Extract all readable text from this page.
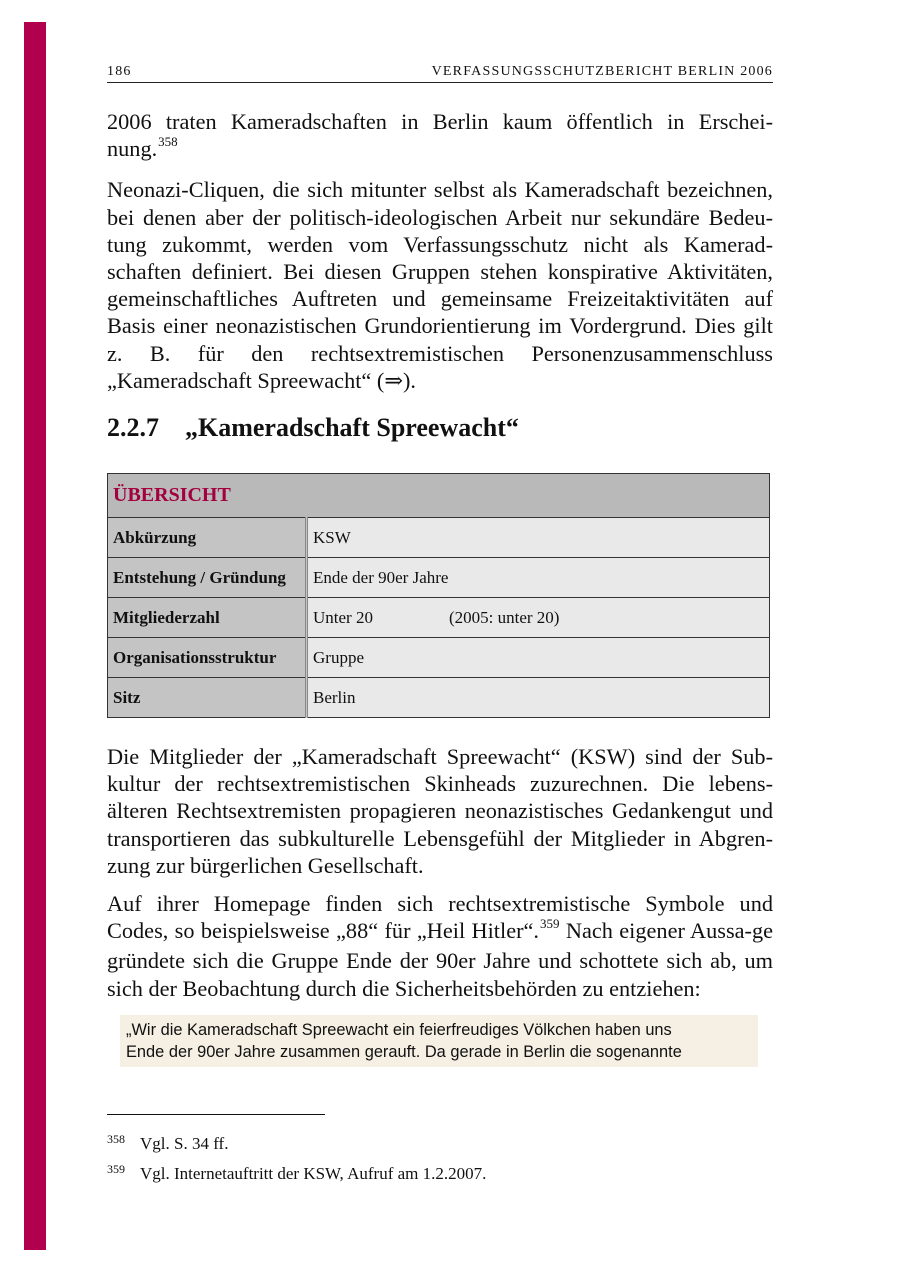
186	VERFASSUNGSSCHUTZBERICHT BERLIN 2006

2006 traten Kameradschaften in Berlin kaum öffentlich in Erschei-nung.$^{358}$

Neonazi-Cliquen, die sich mitunter selbst als Kameradschaft bezeichnen, bei denen aber der politisch-ideologischen Arbeit nur sekundäre Bedeu-tung zukommt, werden vom Verfassungsschutz nicht als Kamerad-schaften definiert. Bei diesen Gruppen stehen konspirative Aktivitäten, gemeinschaftliches Auftreten und gemeinsame Freizeitaktivitäten auf Basis einer neonazistischen Grundorientierung im Vordergrund. Dies gilt z. B. für den rechtsextremistischen Personenzusammenschluss „Kameradschaft Spreewacht“ (⇒).

2.2.7 „Kameradschaft Spreewacht“
ÜBERSICHT	
Abkürzung	KSW
Entstehung / Gründung	Ende der 90er Jahre
Mitgliederzahl	Unter 20 (2005: unter 20)
Organisationsstruktur	Gruppe
Sitz	Berlin

Die Mitglieder der „Kameradschaft Spreewacht“ (KSW) sind der Sub-kultur der rechtsextremistischen Skinheads zuzurechnen. Die lebens-älteren Rechtsextremisten propagieren neonazistisches Gedankengut und transportieren das subkulturelle Lebensgefühl der Mitglieder in Abgren-zung zur bürgerlichen Gesellschaft.

Auf ihrer Homepage finden sich rechtsextremistische Symbole und Codes, so beispielsweise „88“ für „Heil Hitler“.$^{359}$ Nach eigener Aussa-ge gründete sich die Gruppe Ende der 90er Jahre und schottete sich ab, um sich der Beobachtung durch die Sicherheitsbehörden zu entziehen:

„Wir die Kameradschaft Spreewacht ein feierfreudiges Völkchen haben uns
Ende der 90er Jahre zusammen gerauft. Da gerade in Berlin die sogenannte
358 Vgl. S. 34 ff.
359 Vgl. Internetauftritt der KSW, Aufruf am 1.2.2007.
